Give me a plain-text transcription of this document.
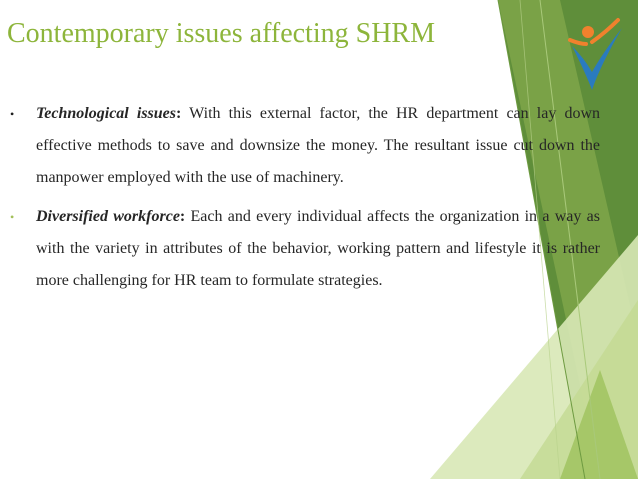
Contemporary issues affecting SHRM

• Technological issues: With this external factor, the HR department can lay down effective methods to save and downsize the money. The resultant issue cut down the manpower employed with the use of machinery.

• Diversified workforce: Each and every individual affects the organization in a way as with the variety in attributes of the behavior, working pattern and lifestyle it is rather more challenging for HR team to formulate strategies.
